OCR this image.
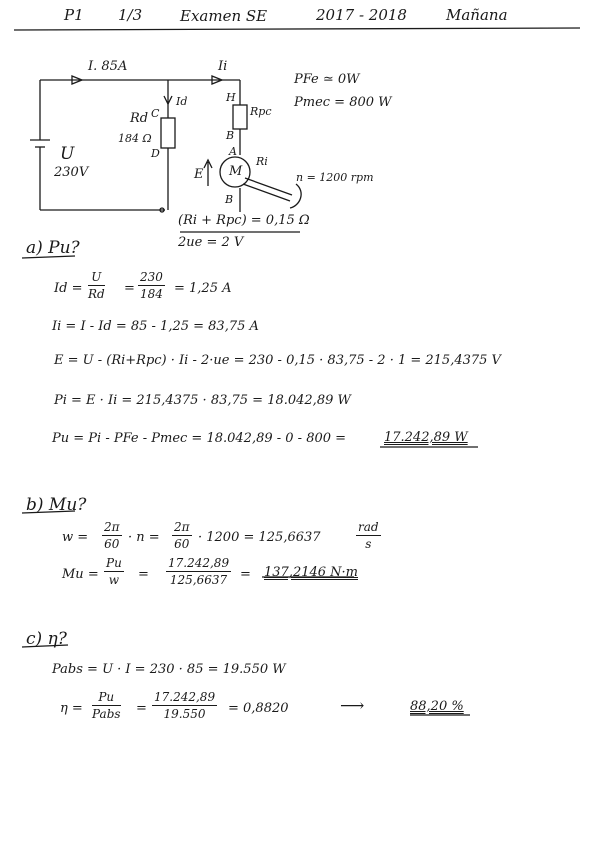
P1 1/3	Examen SE	2017 - 2018	Mañana
I. 85A	Ii
Id
Rd
184 Ω
C
D
Rpc
H
B
A
B
E M
Ri
n = 1200 rpm
U
230V
PFe ≃ 0W
Pmec = 800 W
(Ri + Rpc) = 0,15 Ω
2ue = 2 V
a) Pu?
$Id = \frac{U}{Rd} = \frac{230}{184} = 1,25$ A
Ii = I - Id = 85 - 1,25 = 83,75 A
E = U - (Ri+Rpc) · Ii - 2·ue = 230 - 0,15 · 83,75 - 2 · 1 = 215,4375 V
Pi = E · Ii = 215,4375 · 83,75 = 18.042,89 W
Pu = Pi - PFe - Pmec = 18.042,89 - 0 - 800 =	17.242,89 W
b) Mu?
$w = \frac{2\pi}{60} \cdot n = \frac{2\pi}{60} \cdot 1200 = 125,6637$
rad
s
$Mu = \frac{Pu}{w} = \frac{17.242,89}{125,6637} = 137,2146$ N·m
c) η?
Pabs = U · I = 230 · 85 = 19.550 W
η =
Pu
Pabs = $\frac{17.242,89}{19.550} = 0,8820$	⟶	88,20 %
